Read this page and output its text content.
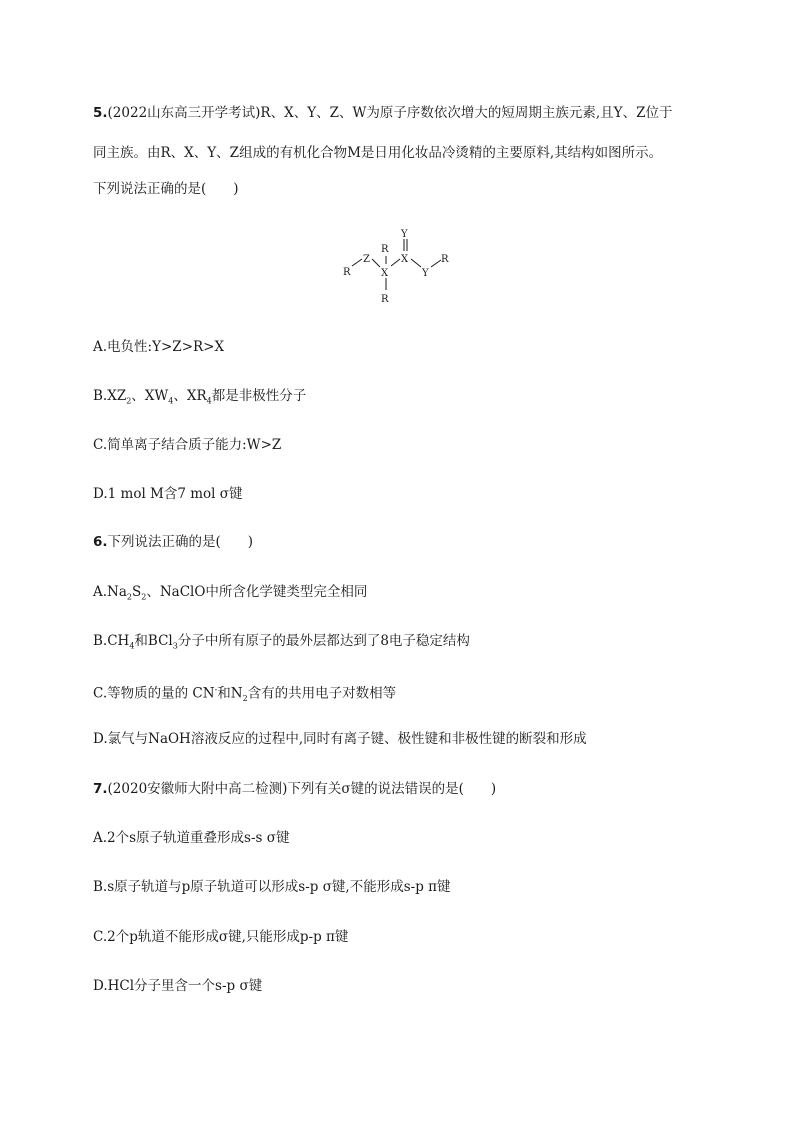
5.(2022山东高三开学考试)R、X、Y、Z、W为原子序数依次增大的短周期主族元素,且Y、Z位于
同主族。由R、X、Y、Z组成的有机化合物M是日用化妆品冷烫精的主要原料,其结构如图所示。
下列说法正确的是(　　)
R
Z
R
X
R
Y
X
Y
R
A.电负性:Y>Z>R>X
$B.XZ_2$、$XW_4$、$XR_4$都是非极性分子
C.简单离子结合质子能力:W>Z
D.1 mol M含7 mol σ键
6.下列说法正确的是(　　)
$A.Na_2S_2$、NaClO中所含化学键类型完全相同
$B.CH_4$和BCl$_3$分子中所有原子的最外层都达到了8电子稳定结构
C.等物质的量的 CN-和$N_2$含有的共用电子对数相等
D.氯气与NaOH溶液反应的过程中,同时有离子键、极性键和非极性键的断裂和形成
7.(2020安徽师大附中高二检测)下列有关σ键的说法错误的是(　　)
A.2个s原子轨道重叠形成s-s σ键
B.s原子轨道与p原子轨道可以形成s-p σ键,不能形成s-p π键
C.2个p轨道不能形成σ键,只能形成p-p π键
D.HCl分子里含一个s-p σ键
